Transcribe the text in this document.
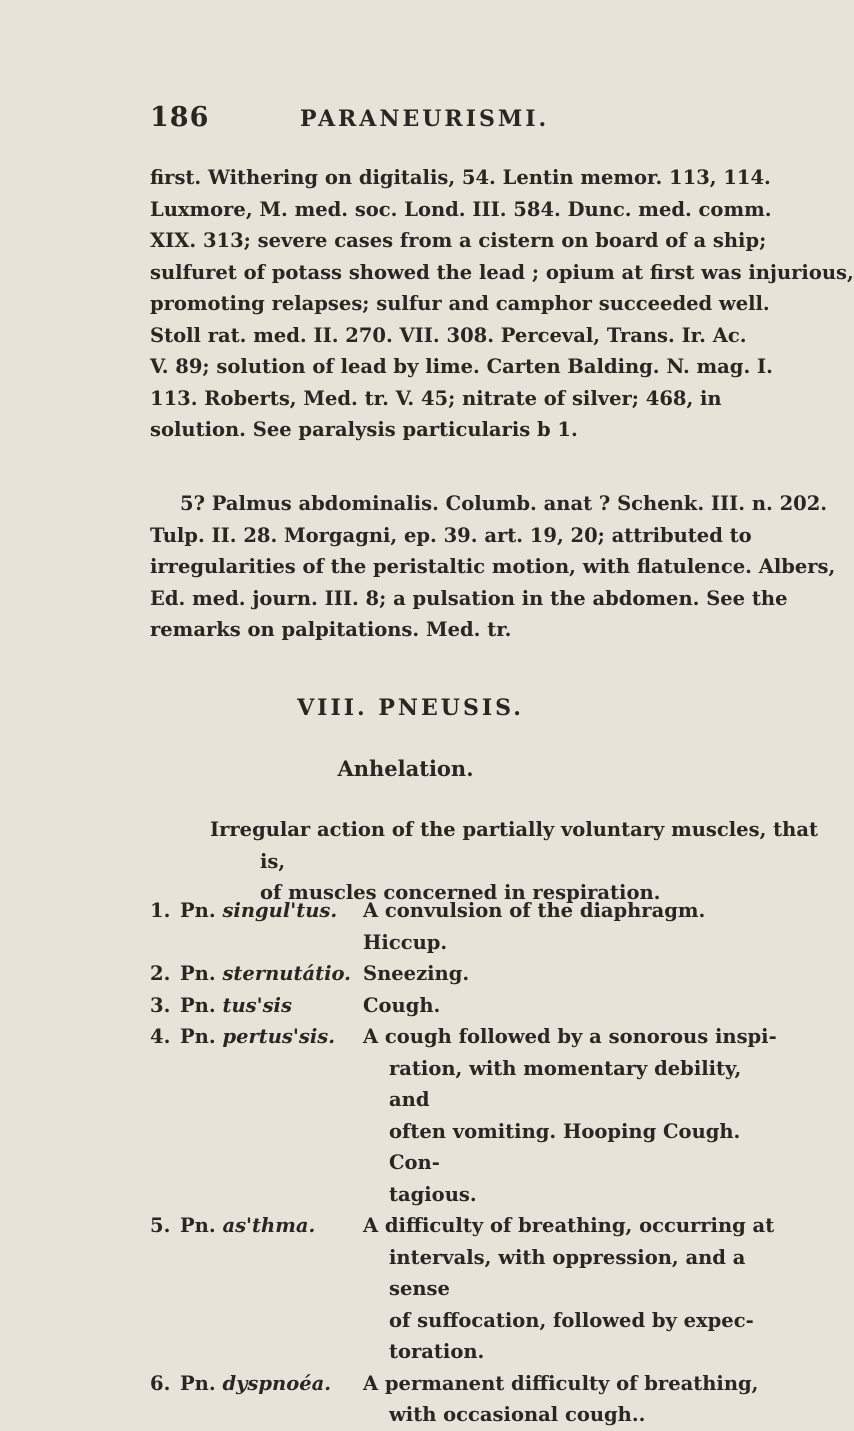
186	PARANEURISMI.
first. Withering on digitalis, 54. Lentin memor. 113, 114.
Luxmore, M. med. soc. Lond. III. 584. Dunc. med. comm.
XIX. 313; severe cases from a cistern on board of a ship;
sulfuret of potass showed the lead ; opium at first was injurious,
promoting relapses; sulfur and camphor succeeded well.
Stoll rat. med. II. 270. VII. 308. Perceval, Trans. Ir. Ac.
V. 89; solution of lead by lime. Carten Balding. N. mag. I.
113. Roberts, Med. tr. V. 45; nitrate of silver; 468, in
solution. See paralysis particularis b 1.
5? Palmus abdominalis. Columb. anat ? Schenk. III. n. 202.
Tulp. II. 28. Morgagni, ep. 39. art. 19, 20; attributed to
irregularities of the peristaltic motion, with flatulence. Albers,
Ed. med. journ. III. 8; a pulsation in the abdomen. See the
remarks on palpitations. Med. tr.
VIII. PNEUSIS.
Anhelation.
Irregular action of the partially voluntary muscles, that is,
of muscles concerned in respiration.
1. Pn. singul'tus. A convulsion of the diaphragm. Hiccup.
2. Pn. sternutátio. Sneezing.
3. Pn. tus'sis	Cough.
4. Pn. pertus'sis. A cough followed by a sonorous inspi-
ration, with momentary debility, and
often vomiting. Hooping Cough. Con-
tagious.
5. Pn. as'thma. A difficulty of breathing, occurring at
intervals, with oppression, and a sense
of suffocation, followed by expec-
toration.
6. Pn. dyspnoéa. A permanent difficulty of breathing,
with occasional cough..
